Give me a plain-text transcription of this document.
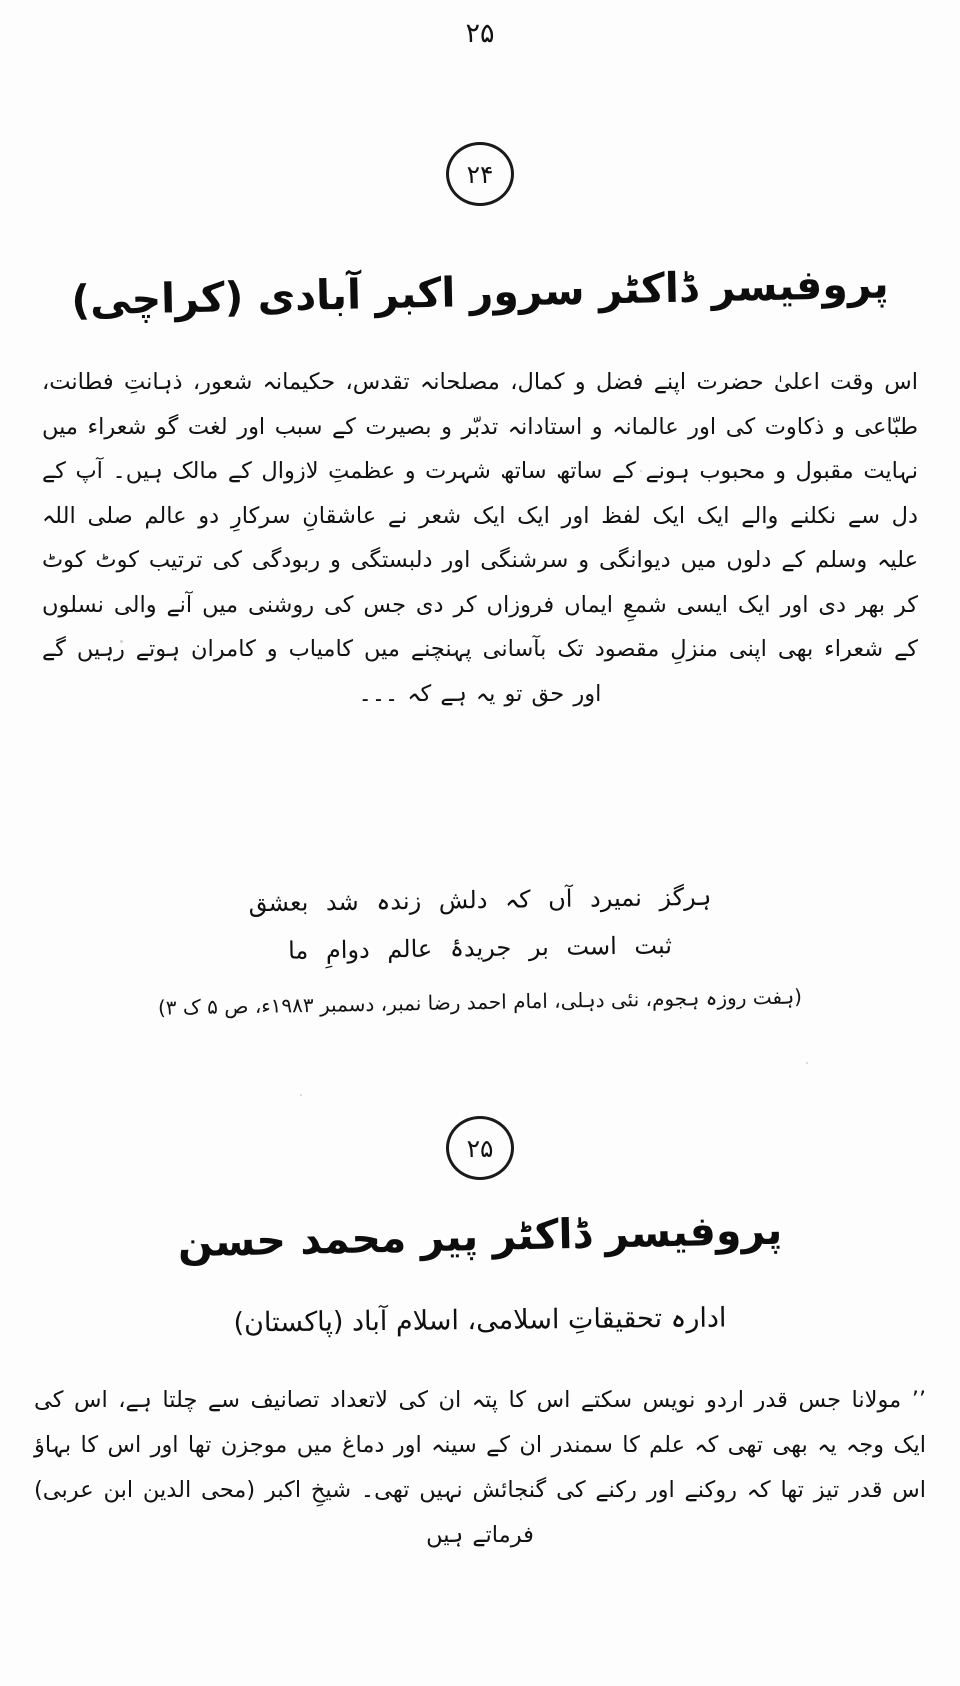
۲۵
۲۴
پروفیسر ڈاکٹر سرور اکبر آبادی (کراچی)
اس وقت اعلیٰ حضرت اپنے فضل و کمال، مصلحانہ تقدس، حکیمانہ شعور، ذہانتِ فطانت، طبّاعی و ذکاوت کی اور عالمانہ و استادانہ تدبّر و بصیرت کے سبب اور لغت گو شعراء میں نہایت مقبول و محبوب ہونے کے ساتھ ساتھ شہرت و عظمتِ لازوال کے مالک ہیں۔ آپ کے دل سے نکلنے والے ایک ایک لفظ اور ایک ایک شعر نے عاشقانِ سرکارِ دو عالم صلی اللہ علیہ وسلم کے دلوں میں دیوانگی و سرشنگی اور دلبستگی و ربودگی کی ترتیب کوٹ کوٹ کر بھر دی اور ایک ایسی شمعِ ایماں فروزاں کر دی جس کی روشنی میں آنے والی نسلوں کے شعراء بھی اپنی منزلِ مقصود تک بآسانی پہنچنے میں کامیاب و کامران ہوتے رہیں گے اور حق تو یہ ہے کہ ۔۔۔
ہرگز نمیرد آں کہ دلش زندہ شد بعشق
ثبت است بر جریدۂ عالم دوامِ ما
(ہفت روزہ ہجوم، نئی دہلی، امام احمد رضا نمبر، دسمبر ۱۹۸۳ء، ص ۵ ک ۳)
۲۵
پروفیسر ڈاکٹر پیر محمد حسن
ادارہ تحقیقاتِ اسلامی، اسلام آباد (پاکستان)
’’ مولانا جس قدر اردو نویس سکتے اس کا پتہ ان کی لاتعداد تصانیف سے چلتا ہے، اس کی ایک وجہ یہ بھی تھی کہ علم کا سمندر ان کے سینہ اور دماغ میں موجزن تھا اور اس کا بہاؤ اس قدر تیز تھا کہ روکنے اور رکنے کی گنجائش نہیں تھی۔ شیخِ اکبر (محی الدین ابن عربی) فرماتے ہیں
